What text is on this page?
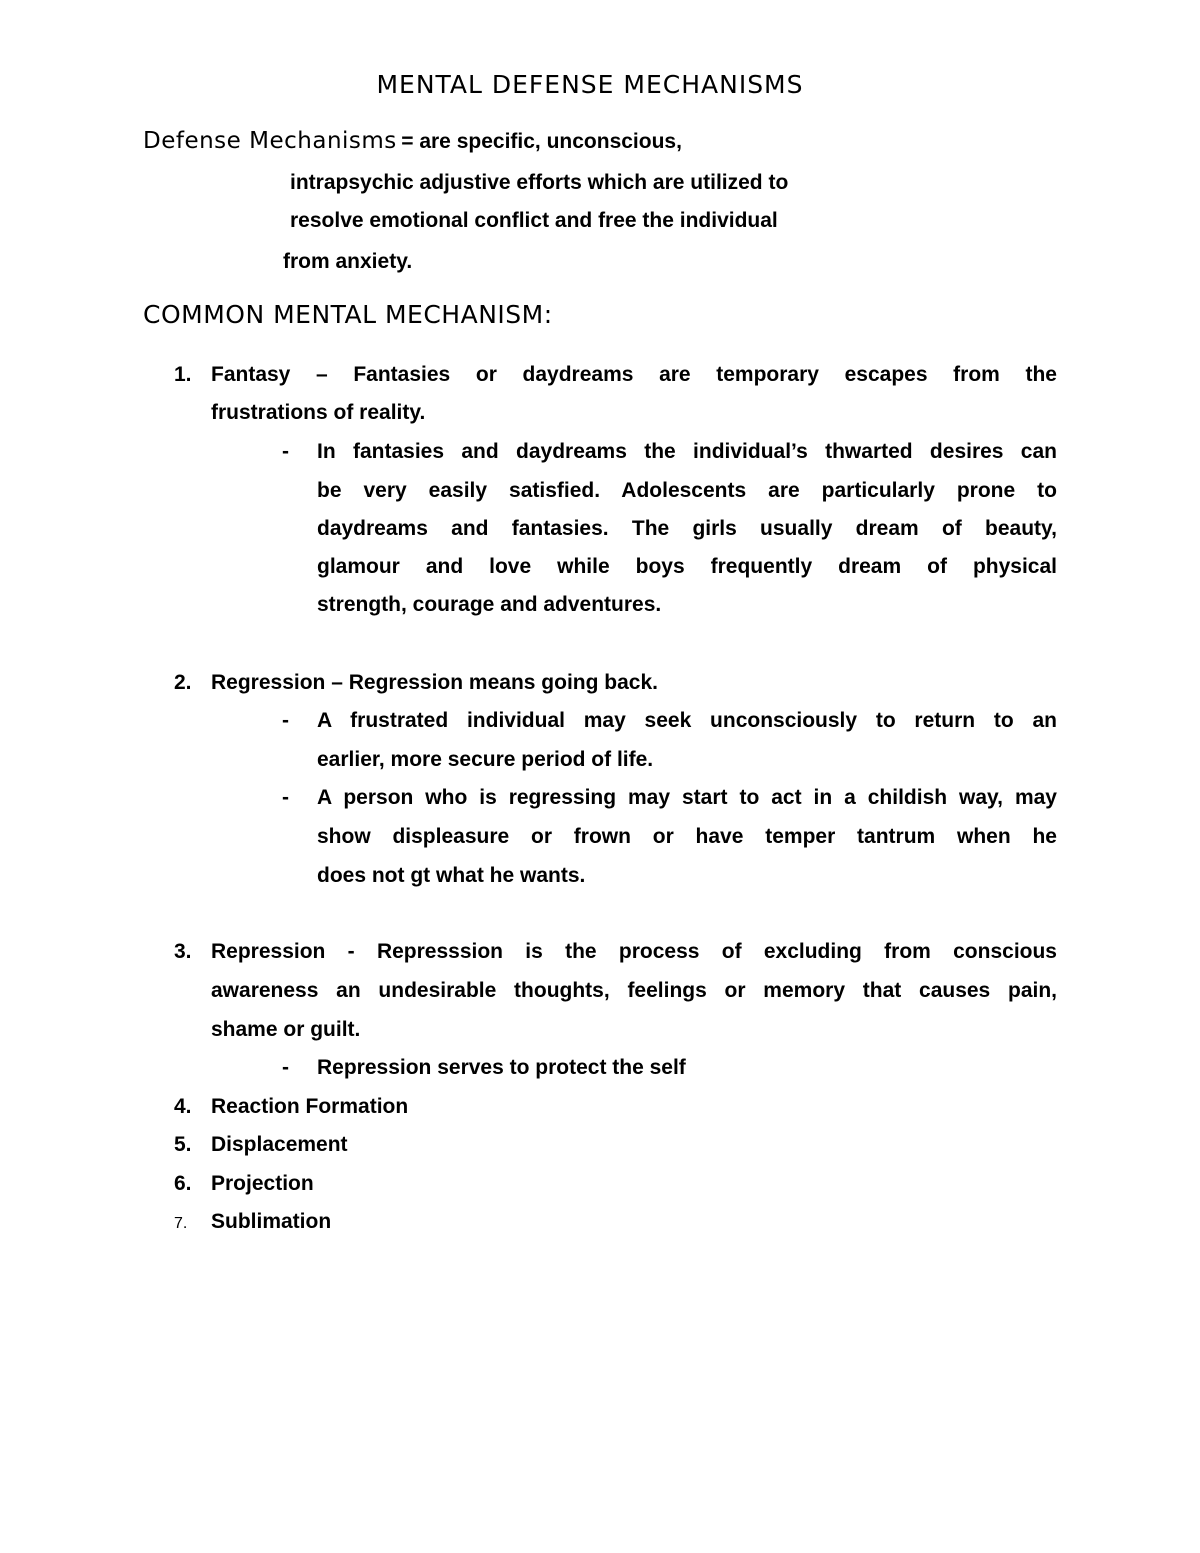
MENTAL DEFENSE MECHANISMS
Defense Mechanisms = are specific, unconscious,
intrapsychic adjustive efforts which are utilized to
resolve emotional conflict and free the individual
from anxiety.
COMMON MENTAL MECHANISM:
1. Fantasy – Fantasies or daydreams are temporary escapes from the
frustrations of reality.
- In fantasies and daydreams the individual’s thwarted desires can
be very easily satisfied. Adolescents are particularly prone to
daydreams and fantasies. The girls usually dream of beauty,
glamour and love while boys frequently dream of physical
strength, courage and adventures.
2. Regression – Regression means going back.
- A frustrated individual may seek unconsciously to return to an
earlier, more secure period of life.
- A person who is regressing may start to act in a childish way, may
show displeasure or frown or have temper tantrum when he
does not gt what he wants.
3. Repression - Represssion is the process of excluding from conscious
awareness an undesirable thoughts, feelings or memory that causes pain,
shame or guilt.
- Repression serves to protect the self
4. Reaction Formation
5. Displacement
6. Projection
7. Sublimation
